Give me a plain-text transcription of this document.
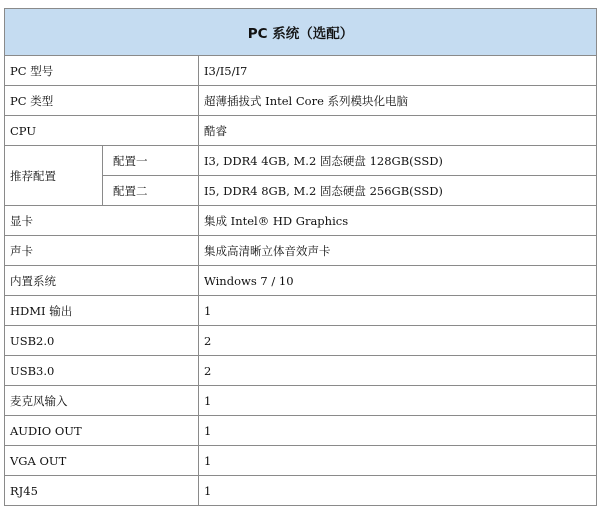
PC 系统（选配）		
PC 型号		I3/I5/I7
PC 类型		超薄插拔式 Intel Core 系列模块化电脑
CPU		酷睿
推荐配置	配置一	I3, DDR4 4GB, M.2 固态硬盘 128GB(SSD)
	配置二	I5, DDR4 8GB, M.2 固态硬盘 256GB(SSD)
显卡		集成 Intel® HD Graphics
声卡		集成高清晰立体音效声卡
内置系统		Windows 7 / 10
HDMI 输出		1
USB2.0		2
USB3.0		2
麦克风输入		1
AUDIO OUT		1
VGA OUT		1
RJ45		1
